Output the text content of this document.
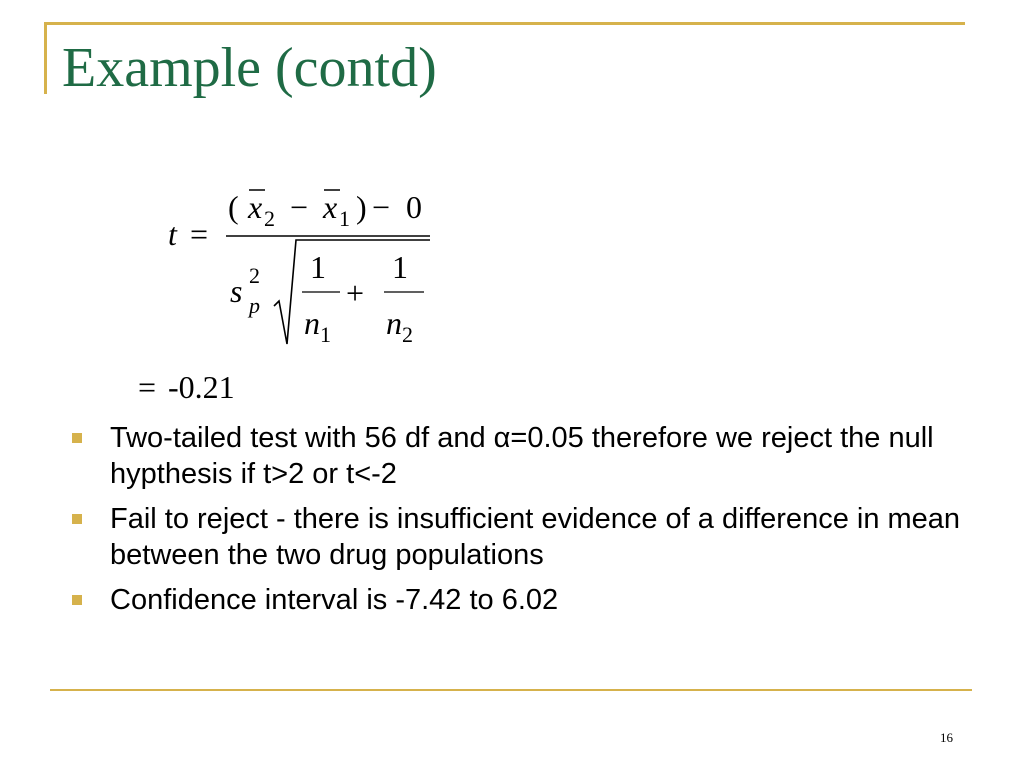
Example (contd)
t =
( x 2 − x 1 ) − 0
s 2
p
1
n 1
+
1
n 2
= -0.21
Two-tailed test with 56 df and α=0.05 therefore we reject the null hypthesis if t>2 or t<-2
Fail to reject - there is insufficient evidence of a difference in mean between the two drug populations
Confidence interval is -7.42 to 6.02
16
